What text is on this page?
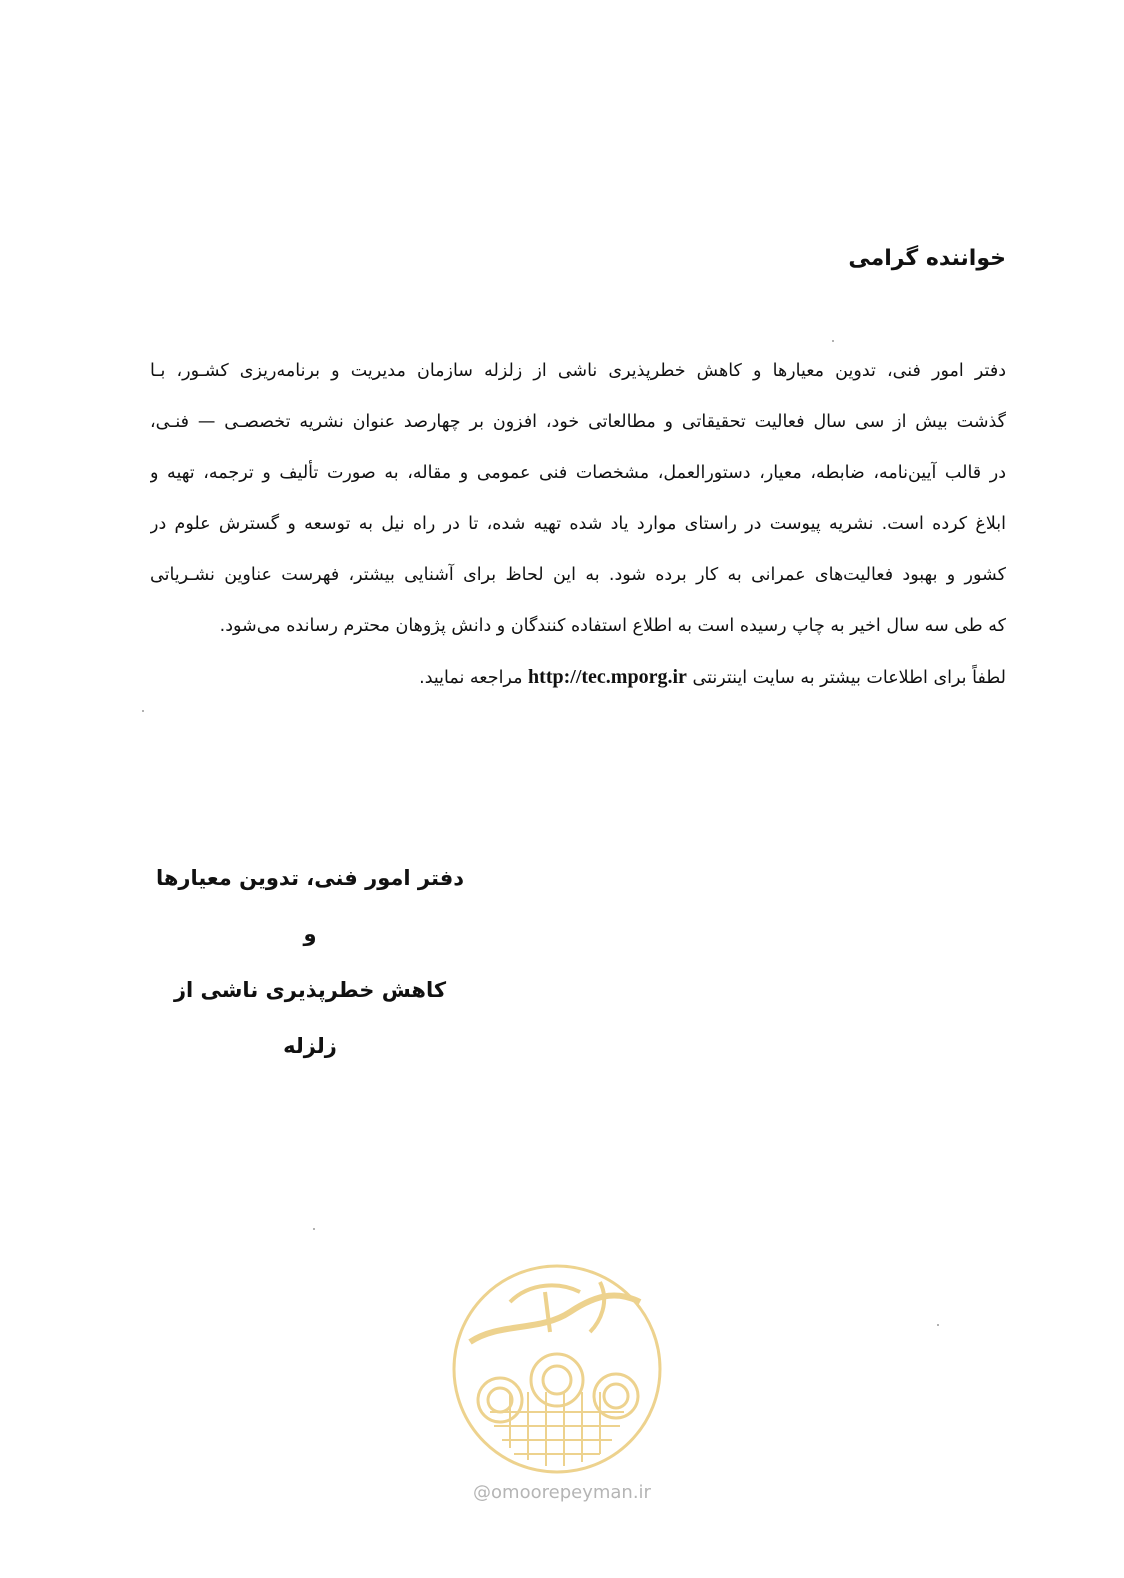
خواننده گرامی
دفتر امور فنی، تدوین معیارها و کاهش خطرپذیری ناشی از زلزله سازمان مدیریت و برنامه‌ریزی کشـور، بـا
گذشت بیش از سی سال فعالیت تحقیقاتی و مطالعاتی خود، افزون بر چهارصد عنوان نشریه تخصصـی — فنـی،
در قالب آیین‌نامه، ضابطه، معیار، دستورالعمل، مشخصات فنی عمومی و مقاله، به صورت تألیف و ترجمه، تهیه و
ابلاغ کرده است. نشریه پیوست در راستای موارد یاد شده تهیه شده، تا در راه نیل به توسعه و گسترش علوم در
کشور و بهبود فعالیت‌های عمرانی به کار برده شود. به این لحاظ برای آشنایی بیشتر، فهرست عناوین نشـریاتی
که طی سه سال اخیر به چاپ رسیده است به اطلاع استفاده کنندگان و دانش پژوهان محترم رسانده می‌شود.
لطفاً برای اطلاعات بیشتر به سایت اینترنتی http://tec.mporg.ir مراجعه نمایید.
دفتر امور فنی، تدوین معیارها
و
کاهش خطرپذیری ناشی از زلزله
@omoorepeyman.ir
